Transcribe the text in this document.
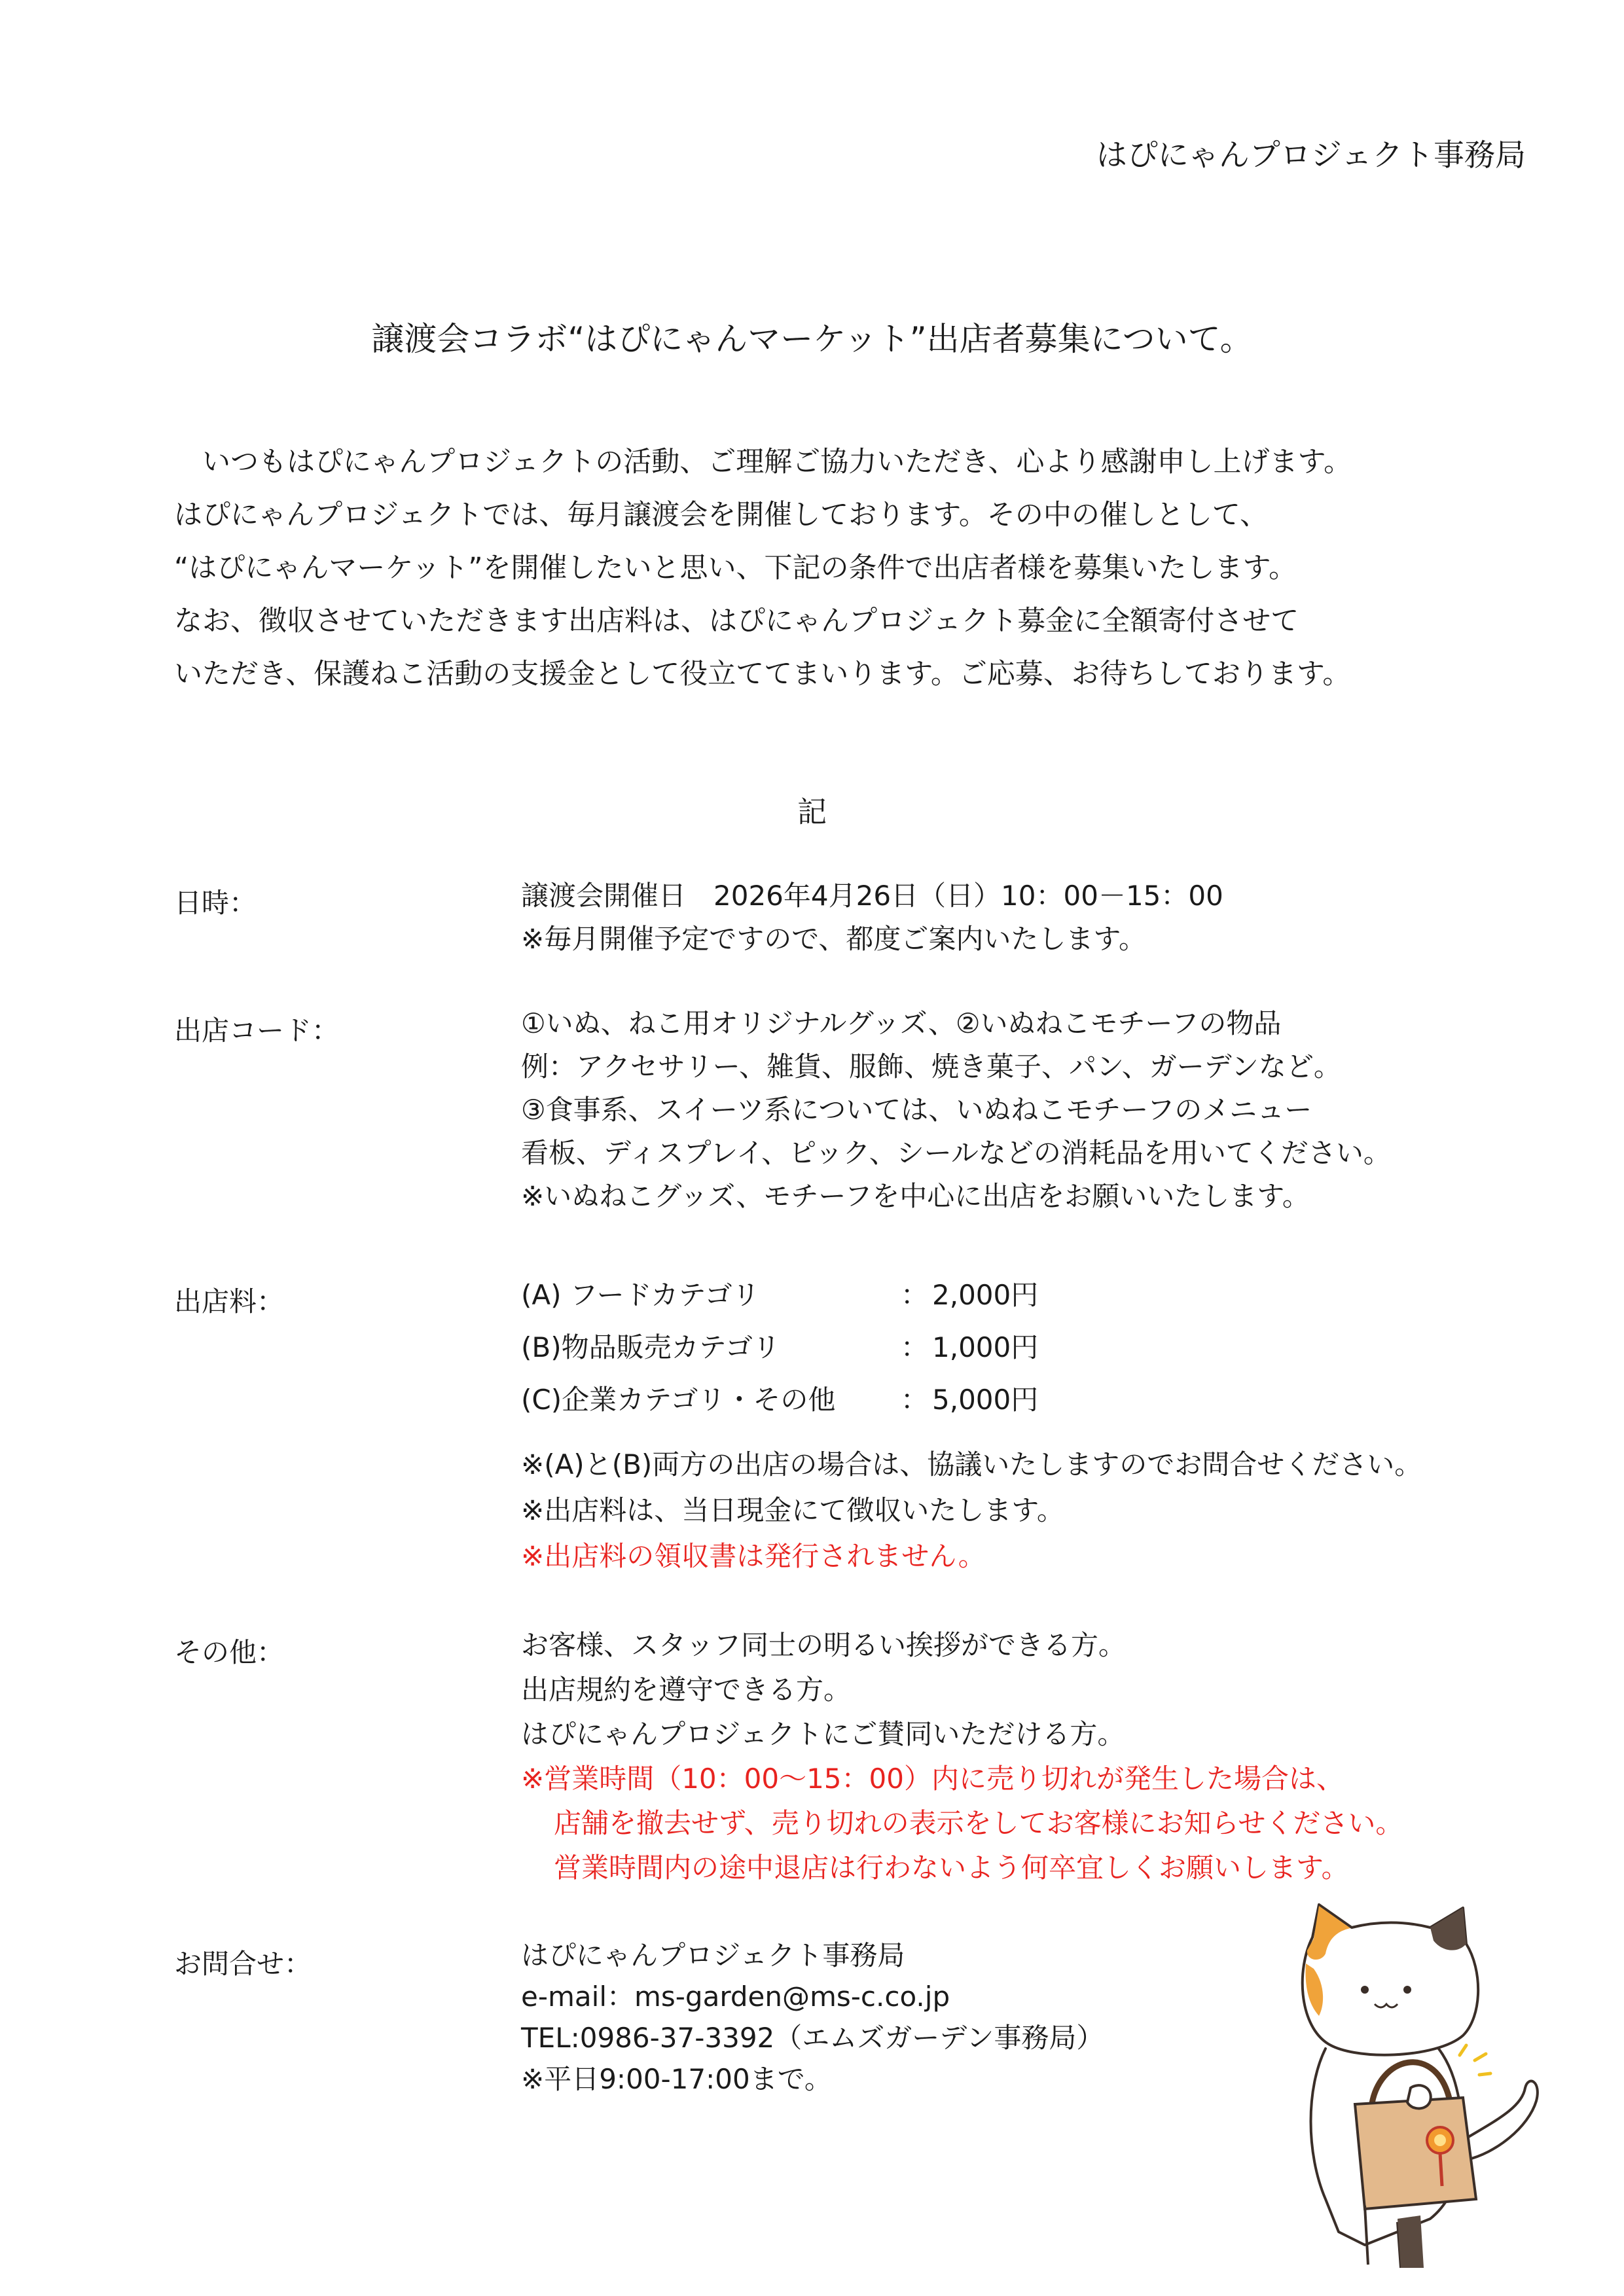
はぴにゃんプロジェクト事務局
譲渡会コラボ“はぴにゃんマーケット”出店者募集について。
　いつもはぴにゃんプロジェクトの活動、ご理解ご協力いただき、心より感謝申し上げます。
はぴにゃんプロジェクトでは、毎月譲渡会を開催しております。その中の催しとして、
“はぴにゃんマーケット”を開催したいと思い、下記の条件で出店者様を募集いたします。
なお、徴収させていただきます出店料は、はぴにゃんプロジェクト募金に全額寄付させて
いただき、保護ねこ活動の支援金として役立ててまいります。ご応募、お待ちしております。
記
日時：	譲渡会開催日　2026年4月26日（日）10：00－15：00
※毎月開催予定ですので、都度ご案内いたします。
出店コード：	①いぬ、ねこ用オリジナルグッズ、②いぬねこモチーフの物品
例：アクセサリー、雑貨、服飾、焼き菓子、パン、ガーデンなど。
③食事系、スイーツ系については、いぬねこモチーフのメニュー
看板、ディスプレイ、ピック、シールなどの消耗品を用いてください。
※いぬねこグッズ、モチーフを中心に出店をお願いいたします。
出店料：	(A) フードカテゴリ	： 2,000円
(B)物品販売カテゴリ	： 1,000円
(C)企業カテゴリ・その他	： 5,000円
※(A)と(B)両方の出店の場合は、協議いたしますのでお問合せください。
※出店料は、当日現金にて徴収いたします。
※出店料の領収書は発行されません。
その他：	お客様、スタッフ同士の明るい挨拶ができる方。
出店規約を遵守できる方。
はぴにゃんプロジェクトにご賛同いただける方。
※営業時間（10：00～15：00）内に売り切れが発生した場合は、
店舗を撤去せず、売り切れの表示をしてお客様にお知らせください。
営業時間内の途中退店は行わないよう何卒宜しくお願いします。
お問合せ：	はぴにゃんプロジェクト事務局
e-mail：ms-garden@ms-c.co.jp
TEL:0986-37-3392（エムズガーデン事務局）
※平日9:00-17:00まで。
